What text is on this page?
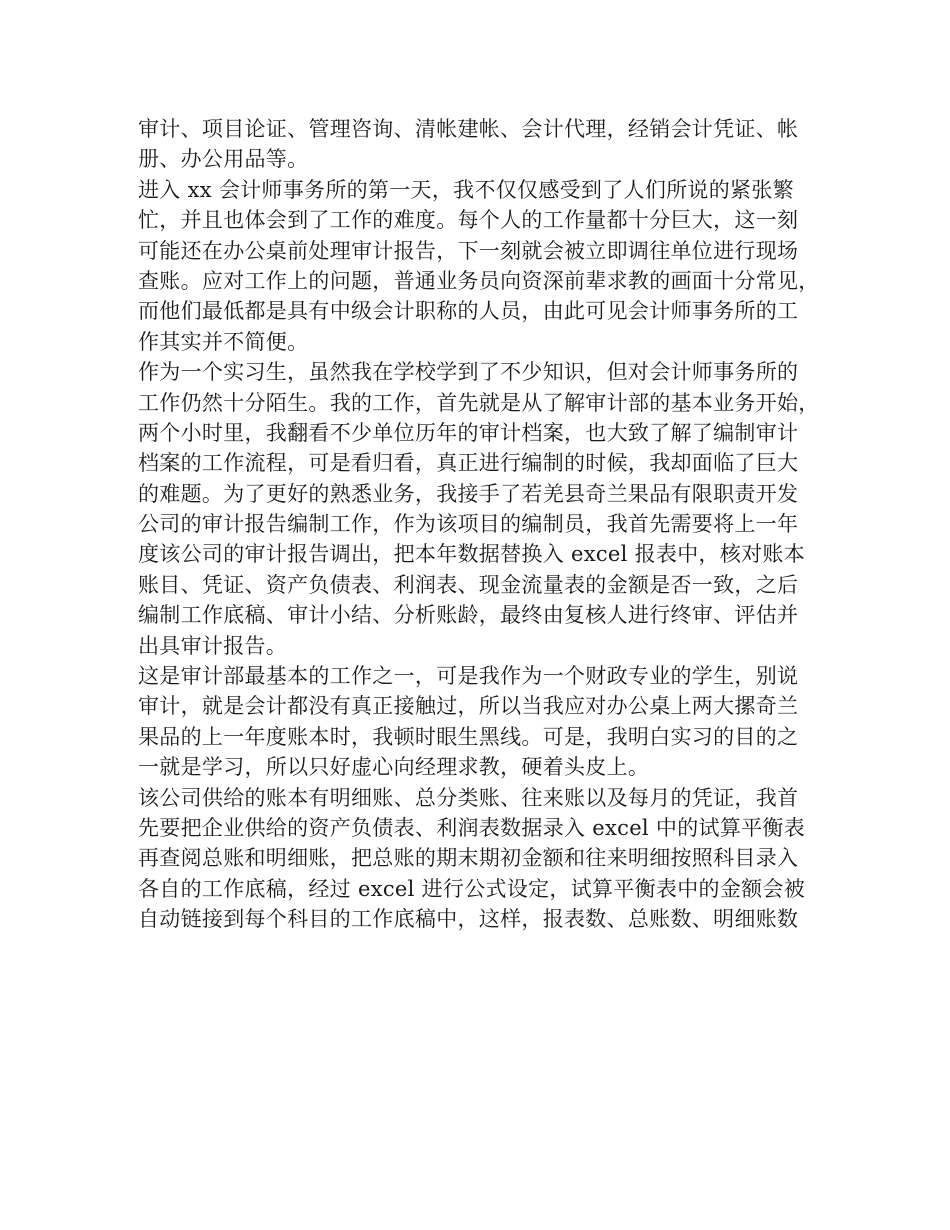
审计、项目论证、管理咨询、清帐建帐、会计代理，经销会计凭证、帐
册、办公用品等。
进入 xx 会计师事务所的第一天，我不仅仅感受到了人们所说的紧张繁
忙，并且也体会到了工作的难度。每个人的工作量都十分巨大，这一刻
可能还在办公桌前处理审计报告，下一刻就会被立即调往单位进行现场
查账。应对工作上的问题，普通业务员向资深前辈求教的画面十分常见，
而他们最低都是具有中级会计职称的人员，由此可见会计师事务所的工
作其实并不简便。
作为一个实习生，虽然我在学校学到了不少知识，但对会计师事务所的
工作仍然十分陌生。我的工作，首先就是从了解审计部的基本业务开始，
两个小时里，我翻看不少单位历年的审计档案，也大致了解了编制审计
档案的工作流程，可是看归看，真正进行编制的时候，我却面临了巨大
的难题。为了更好的熟悉业务，我接手了若羌县奇兰果品有限职责开发
公司的审计报告编制工作，作为该项目的编制员，我首先需要将上一年
度该公司的审计报告调出，把本年数据替换入 excel 报表中，核对账本
账目、凭证、资产负债表、利润表、现金流量表的金额是否一致，之后
编制工作底稿、审计小结、分析账龄，最终由复核人进行终审、评估并
出具审计报告。
这是审计部最基本的工作之一，可是我作为一个财政专业的学生，别说
审计，就是会计都没有真正接触过，所以当我应对办公桌上两大摞奇兰
果品的上一年度账本时，我顿时眼生黑线。可是，我明白实习的目的之
一就是学习，所以只好虚心向经理求教，硬着头皮上。
该公司供给的账本有明细账、总分类账、往来账以及每月的凭证，我首
先要把企业供给的资产负债表、利润表数据录入 excel 中的试算平衡表
再查阅总账和明细账，把总账的期末期初金额和往来明细按照科目录入
各自的工作底稿，经过 excel 进行公式设定，试算平衡表中的金额会被
自动链接到每个科目的工作底稿中，这样，报表数、总账数、明细账数
